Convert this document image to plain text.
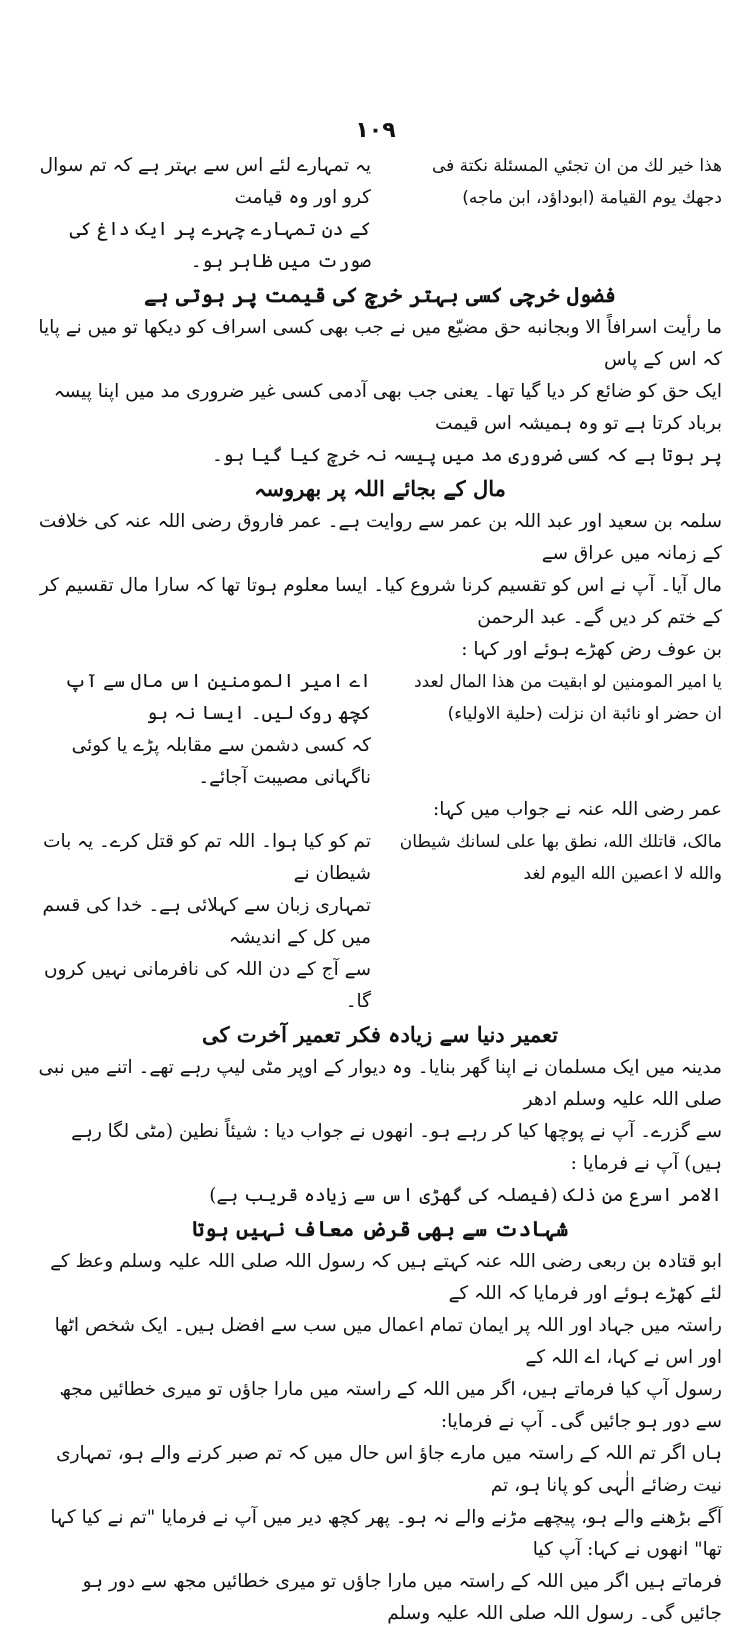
۱۰۹

هذا خير لك من ان تجئي المسئلة نكتة فى

دجهك يوم القيامة (ابوداؤد، ابن ماجه)

یہ تمہارے لئے اس سے بہتر ہے کہ تم سوال کرو اور وہ قیامت

کے دن تمہارے چہرے پر ایک داغ کی صورت میں ظاہر ہو۔

فضول خرچی کسی بہتر خرچ کی قیمت پر ہوتی ہے

ما رأیت اسرافاً الا وبجانبه حق مضیّع میں نے جب بھی کسی اسراف کو دیکھا تو میں نے پایا کہ اس کے پاس

ایک حق کو ضائع کر دیا گیا تھا۔ یعنی جب بھی آدمی کسی غیر ضروری مد میں اپنا پیسہ برباد کرتا ہے تو وہ ہمیشہ اس قیمت

پر ہوتا ہے کہ کسی ضروری مد میں پیسہ نہ خرچ کیا گیا ہو۔

مال کے بجائے اللہ پر بھروسہ

سلمہ بن سعید اور عبد اللہ بن عمر سے روایت ہے۔ عمر فاروق رضی اللہ عنہ کی خلافت کے زمانہ میں عراق سے

مال آیا۔ آپ نے اس کو تقسیم کرنا شروع کیا۔ ایسا معلوم ہوتا تھا کہ سارا مال تقسیم کر کے ختم کر دیں گے۔ عبد الرحمن

بن عوف رض کھڑے ہوئے اور کہا :

یا امیر المومنین لو ابقیت من هذا المال لعدد

ان حضر او نائبة ان نزلت (حلیة الاولیاء)

اے امیر المومنین اس مال سے آپ کچھ روک لیں۔ ایسا نہ ہو

کہ کسی دشمن سے مقابلہ پڑے یا کوئی ناگہانی مصیبت آجائے۔

عمر رضی اللہ عنہ نے جواب میں کہا:

مالک، قاتلك الله، نطق بها على لسانك شيطان

والله لا اعصين الله اليوم لغد

تم کو کیا ہوا۔ اللہ تم کو قتل کرے۔ یہ بات شیطان نے

تمہاری زبان سے کہلائی ہے۔ خدا کی قسم میں کل کے اندیشہ

سے آج کے دن اللہ کی نافرمانی نہیں کروں گا۔

تعمیر دنیا سے زیادہ فکر تعمیر آخرت کی

مدینہ میں ایک مسلمان نے اپنا گھر بنایا۔ وہ دیوار کے اوپر مٹی لیپ رہے تھے۔ اتنے میں نبی صلی اللہ علیہ وسلم ادھر

سے گزرے۔ آپ نے پوچھا کیا کر رہے ہو۔ انھوں نے جواب دیا : شیئاً نطین (مٹی لگا رہے ہیں) آپ نے فرمایا :

الامر اسرع من ذلک (فیصلہ کی گھڑی اس سے زیادہ قریب ہے)

شہادت سے بھی قرض معاف نہیں ہوتا

ابو قتادہ بن ربعی رضی اللہ عنہ کہتے ہیں کہ رسول اللہ صلی اللہ علیہ وسلم وعظ کے لئے کھڑے ہوئے اور فرمایا کہ اللہ کے

راستہ میں جہاد اور اللہ پر ایمان تمام اعمال میں سب سے افضل ہیں۔ ایک شخص اٹھا اور اس نے کہا، اے اللہ کے

رسول آپ کیا فرماتے ہیں، اگر میں اللہ کے راستہ میں مارا جاؤں تو میری خطائیں مجھ سے دور ہو جائیں گی۔ آپ نے فرمایا:

ہاں اگر تم اللہ کے راستہ میں مارے جاؤ اس حال میں کہ تم صبر کرنے والے ہو، تمہاری نیت رضائے الٰہی کو پانا ہو، تم

آگے بڑھنے والے ہو، پیچھے مڑنے والے نہ ہو۔ پھر کچھ دیر میں آپ نے فرمایا "تم نے کیا کہا تھا" انھوں نے کہا: آپ کیا

فرماتے ہیں اگر میں اللہ کے راستہ میں مارا جاؤں تو میری خطائیں مجھ سے دور ہو جائیں گی۔ رسول اللہ صلی اللہ علیہ وسلم
